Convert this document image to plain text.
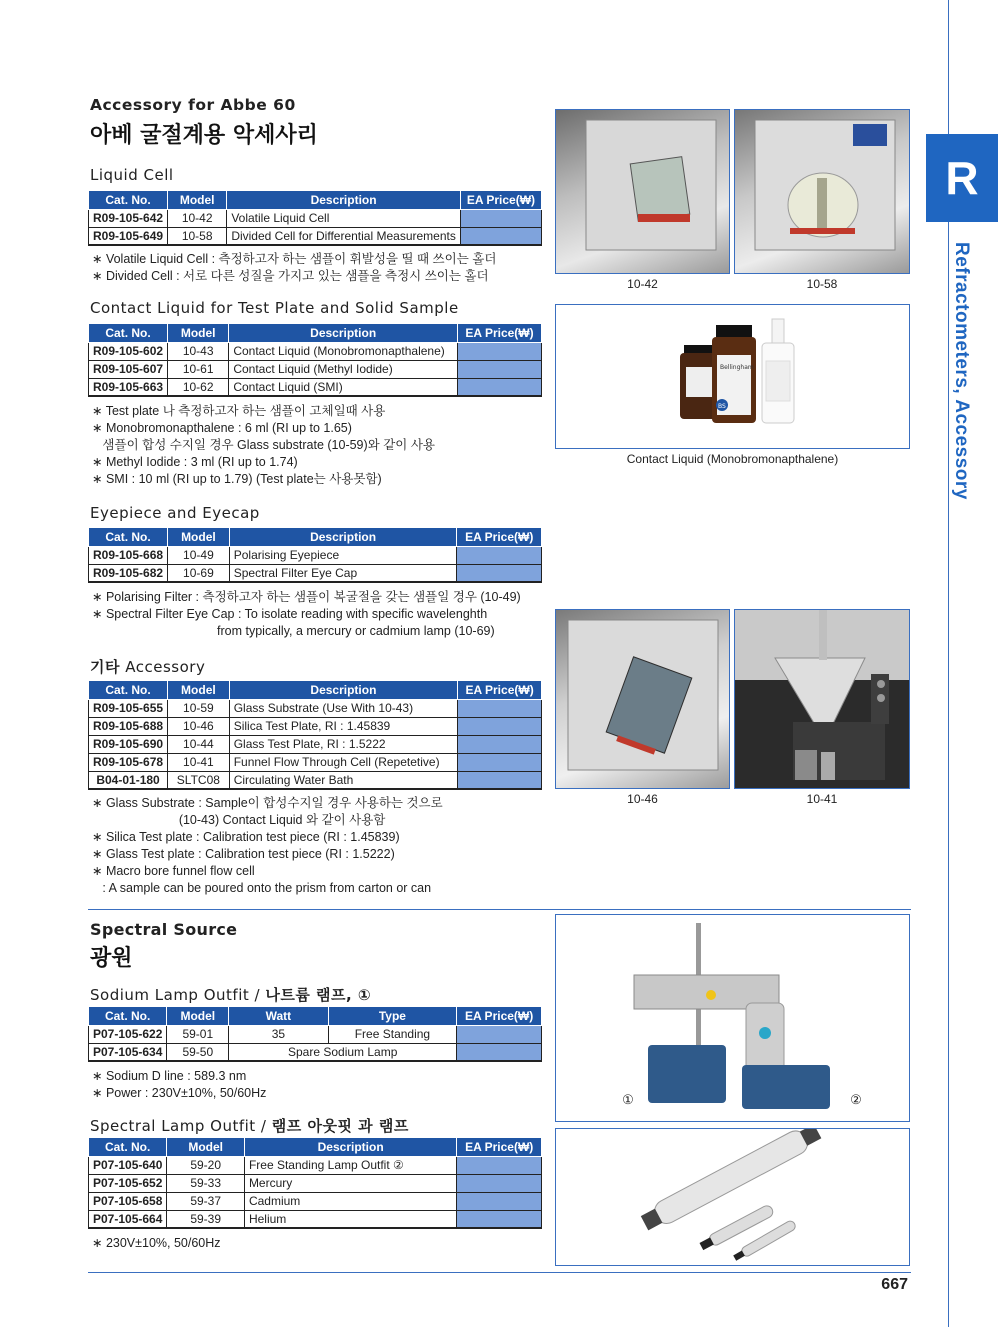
R
Refractometers, Accessory
Accessory for Abbe 60
아베 굴절계용 악세사리
Liquid Cell
Cat. No.	Model	Description	EA Price(₩)
R09-105-642	10-42	Volatile Liquid Cell	
R09-105-649	10-58	Divided Cell for Differential Measurements	
∗ Volatile Liquid Cell : 측정하고자 하는 샘플이 휘발성을 띨 때 쓰이는 홀더
∗ Divided Cell : 서로 다른 성질을 가지고 있는 샘플을 측정시 쓰이는 홀더
Contact Liquid for Test Plate and Solid Sample
Cat. No.	Model	Description	EA Price(₩)
R09-105-602	10-43	Contact Liquid (Monobromonapthalene)	
R09-105-607	10-61	Contact Liquid (Methyl Iodide)	
R09-105-663	10-62	Contact Liquid (SMI)	
∗ Test plate 나 측정하고자 하는 샘플이 고체일때 사용
∗ Monobromonapthalene : 6 ml (RI up to 1.65)
샘플이 합성 수지일 경우 Glass substrate (10-59)와 같이 사용
∗ Methyl Iodide : 3 ml (RI up to 1.74)
∗ SMI : 10 ml (RI up to 1.79) (Test plate는 사용못함)
Eyepiece and Eyecap
Cat. No.	Model	Description	EA Price(₩)
R09-105-668	10-49	Polarising Eyepiece	
R09-105-682	10-69	Spectral Filter Eye Cap	
∗ Polarising Filter : 측정하고자 하는 샘플이 복굴절을 갖는 샘플일 경우 (10-49)
∗ Spectral Filter Eye Cap : To isolate reading with specific wavelenghth
from typically, a mercury or cadmium lamp (10-69)
기타 Accessory
Cat. No.	Model	Description	EA Price(₩)
R09-105-655	10-59	Glass Substrate (Use With 10-43)	
R09-105-688	10-46	Silica Test Plate, RI : 1.45839	
R09-105-690	10-44	Glass Test Plate, RI : 1.5222	
R09-105-678	10-41	Funnel Flow Through Cell (Repetetive)	
B04-01-180	SLTC08	Circulating Water Bath	
∗ Glass Substrate : Sample이 합성수지일 경우 사용하는 것으로
(10-43) Contact Liquid 와 같이 사용함
∗ Silica Test plate : Calibration test piece (RI : 1.45839)
∗ Glass Test plate : Calibration test piece (RI : 1.5222)
∗ Macro bore funnel flow cell
: A sample can be poured onto the prism from carton or can
Spectral Source
광원
Sodium Lamp Outfit / 나트륨 램프, ①
Cat. No.	Model	Watt	Type	EA Price(₩)
P07-105-622	59-01	35	Free Standing	
P07-105-634	59-50	Spare Sodium Lamp		
∗ Sodium D line : 589.3 nm
∗ Power : 230V±10%, 50/60Hz
Spectral Lamp Outfit / 램프 아웃핏 과 램프
Cat. No.	Model	Description	EA Price(₩)
P07-105-640	59-20	Free Standing Lamp Outfit ②	
P07-105-652	59-33	Mercury	
P07-105-658	59-37	Cadmium	
P07-105-664	59-39	Helium	
∗ 230V±10%, 50/60Hz
10-42	10-58
Bellingham
BS
Contact Liquid (Monobromonapthalene)
10-46	10-41
①	②
667
